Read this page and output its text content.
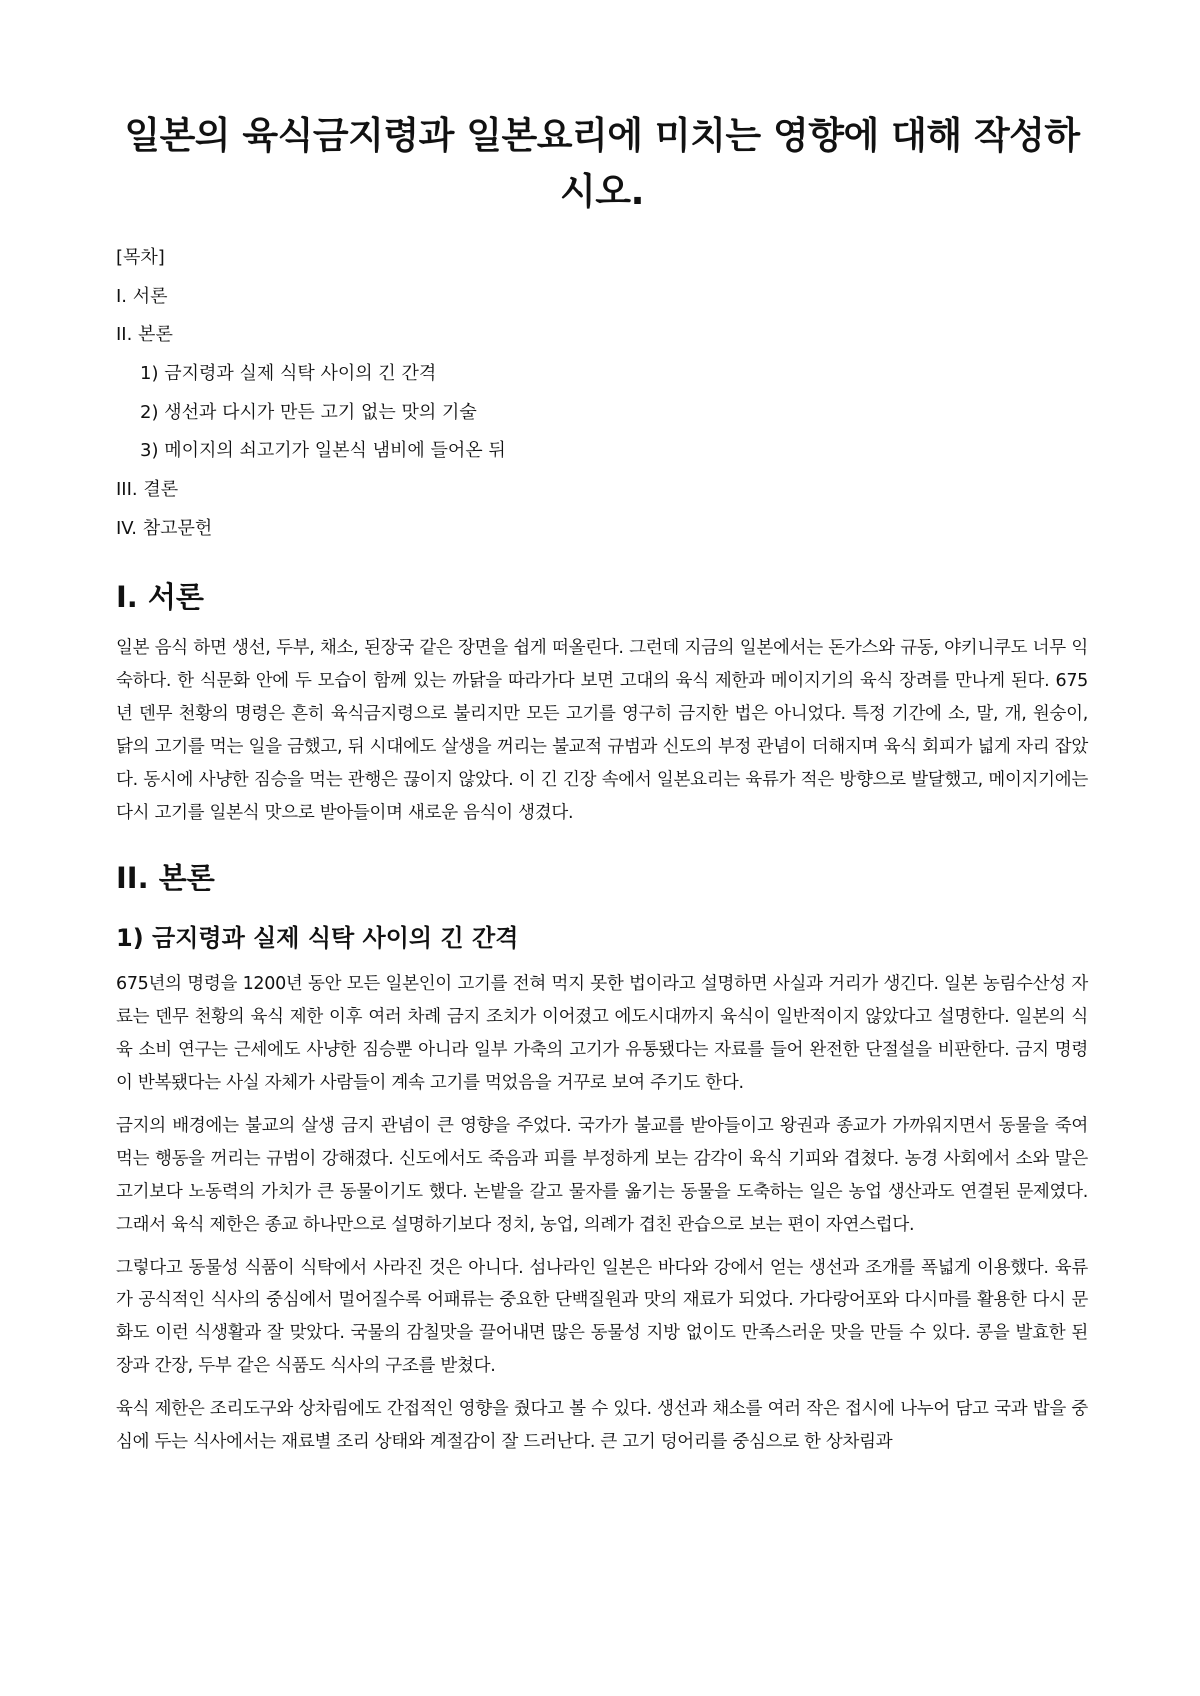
일본의 육식금지령과 일본요리에 미치는 영향에 대해 작성하시오.

[목차]

I. 서론

II. 본론

1) 금지령과 실제 식탁 사이의 긴 간격

2) 생선과 다시가 만든 고기 없는 맛의 기술

3) 메이지의 쇠고기가 일본식 냄비에 들어온 뒤

III. 결론

IV. 참고문헌

I. 서론

일본 음식 하면 생선, 두부, 채소, 된장국 같은 장면을 쉽게 떠올린다. 그런데 지금의 일본에서는 돈가스와 규동, 야키니쿠도 너무 익숙하다. 한 식문화 안에 두 모습이 함께 있는 까닭을 따라가다 보면 고대의 육식 제한과 메이지기의 육식 장려를 만나게 된다. 675년 덴무 천황의 명령은 흔히 육식금지령으로 불리지만 모든 고기를 영구히 금지한 법은 아니었다. 특정 기간에 소, 말, 개, 원숭이, 닭의 고기를 먹는 일을 금했고, 뒤 시대에도 살생을 꺼리는 불교적 규범과 신도의 부정 관념이 더해지며 육식 회피가 넓게 자리 잡았다. 동시에 사냥한 짐승을 먹는 관행은 끊이지 않았다. 이 긴 긴장 속에서 일본요리는 육류가 적은 방향으로 발달했고, 메이지기에는 다시 고기를 일본식 맛으로 받아들이며 새로운 음식이 생겼다.

II. 본론
1) 금지령과 실제 식탁 사이의 긴 간격

675년의 명령을 1200년 동안 모든 일본인이 고기를 전혀 먹지 못한 법이라고 설명하면 사실과 거리가 생긴다. 일본 농림수산성 자료는 덴무 천황의 육식 제한 이후 여러 차례 금지 조치가 이어졌고 에도시대까지 육식이 일반적이지 않았다고 설명한다. 일본의 식육 소비 연구는 근세에도 사냥한 짐승뿐 아니라 일부 가축의 고기가 유통됐다는 자료를 들어 완전한 단절설을 비판한다. 금지 명령이 반복됐다는 사실 자체가 사람들이 계속 고기를 먹었음을 거꾸로 보여 주기도 한다.

금지의 배경에는 불교의 살생 금지 관념이 큰 영향을 주었다. 국가가 불교를 받아들이고 왕권과 종교가 가까워지면서 동물을 죽여 먹는 행동을 꺼리는 규범이 강해졌다. 신도에서도 죽음과 피를 부정하게 보는 감각이 육식 기피와 겹쳤다. 농경 사회에서 소와 말은 고기보다 노동력의 가치가 큰 동물이기도 했다. 논밭을 갈고 물자를 옮기는 동물을 도축하는 일은 농업 생산과도 연결된 문제였다. 그래서 육식 제한은 종교 하나만으로 설명하기보다 정치, 농업, 의례가 겹친 관습으로 보는 편이 자연스럽다.

그렇다고 동물성 식품이 식탁에서 사라진 것은 아니다. 섬나라인 일본은 바다와 강에서 얻는 생선과 조개를 폭넓게 이용했다. 육류가 공식적인 식사의 중심에서 멀어질수록 어패류는 중요한 단백질원과 맛의 재료가 되었다. 가다랑어포와 다시마를 활용한 다시 문화도 이런 식생활과 잘 맞았다. 국물의 감칠맛을 끌어내면 많은 동물성 지방 없이도 만족스러운 맛을 만들 수 있다. 콩을 발효한 된장과 간장, 두부 같은 식품도 식사의 구조를 받쳤다.

육식 제한은 조리도구와 상차림에도 간접적인 영향을 줬다고 볼 수 있다. 생선과 채소를 여러 작은 접시에 나누어 담고 국과 밥을 중심에 두는 식사에서는 재료별 조리 상태와 계절감이 잘 드러난다. 큰 고기 덩어리를 중심으로 한 상차림과
